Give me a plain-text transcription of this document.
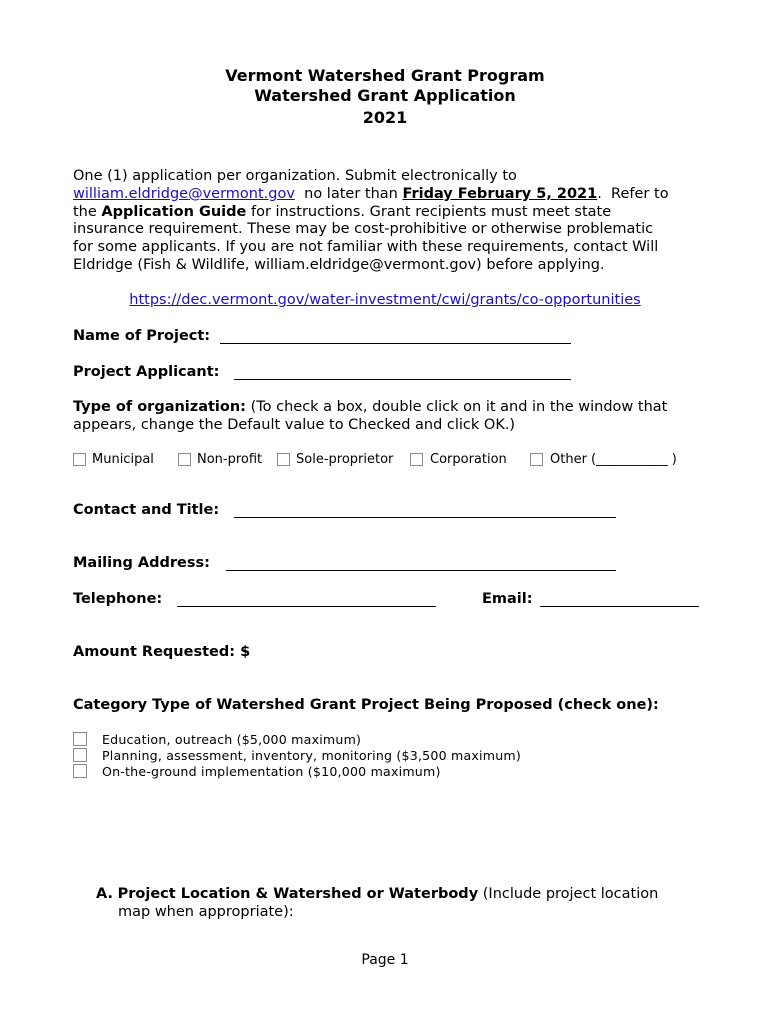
Vermont Watershed Grant Program
Watershed Grant Application
2021
One (1) application per organization. Submit electronically to
william.eldridge@vermont.gov  no later than Friday February 5, 2021.  Refer to
the Application Guide for instructions. Grant recipients must meet state
insurance requirement. These may be cost-prohibitive or otherwise problematic
for some applicants. If you are not familiar with these requirements, contact Will
Eldridge (Fish & Wildlife, william.eldridge@vermont.gov) before applying.
https://dec.vermont.gov/water-investment/cwi/grants/co-opportunities
Name of Project:
Project Applicant:
Type of organization: (To check a box, double click on it and in the window that
appears, change the Default value to Checked and click OK.)
Municipal	Non-profit	Sole-proprietor	Corporation	Other (___________ )
Contact and Title:
Mailing Address:
Telephone:	Email:
Amount Requested: $
Category Type of Watershed Grant Project Being Proposed (check one):
Education, outreach ($5,000 maximum)
Planning, assessment, inventory, monitoring ($3,500 maximum)
On-the-ground implementation ($10,000 maximum)
A. Project Location & Watershed or Waterbody (Include project location
map when appropriate):
Page 1
